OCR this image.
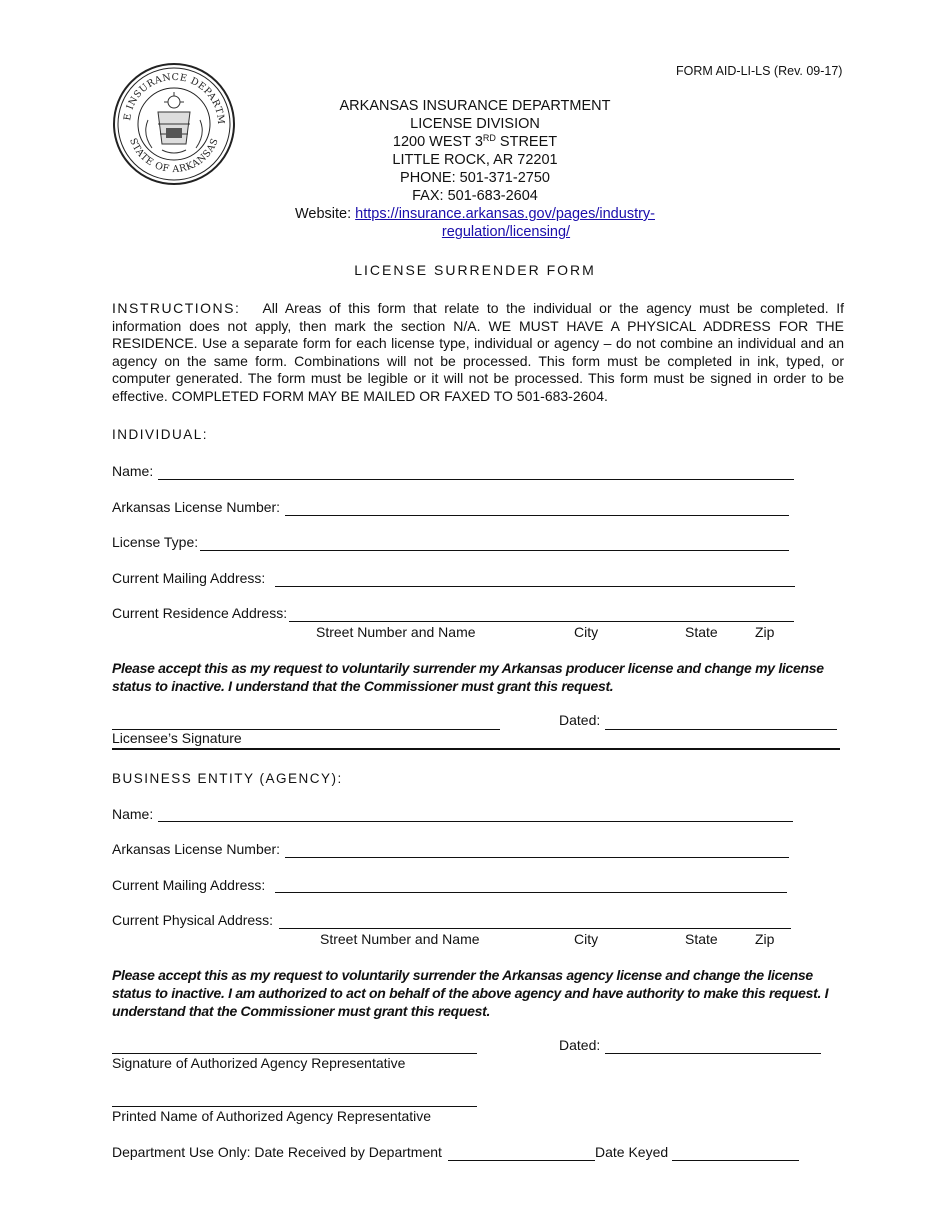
FORM AID-LI-LS (Rev. 09-17)
E INSURANCE DEPARTM
STATE OF ARKANSAS
ARKANSAS INSURANCE DEPARTMENT
LICENSE DIVISION
1200 WEST 3RD STREET
LITTLE ROCK, AR 72201
PHONE: 501-371-2750
FAX: 501-683-2604
Website: https://insurance.arkansas.gov/pages/industry-
regulation/licensing/
LICENSE SURRENDER FORM
INSTRUCTIONS: All Areas of this form that relate to the individual or the agency must be completed. If information does not apply, then mark the section N/A. WE MUST HAVE A PHYSICAL ADDRESS FOR THE RESIDENCE. Use a separate form for each license type, individual or agency – do not combine an individual and an agency on the same form. Combinations will not be processed. This form must be completed in ink, typed, or computer generated. The form must be legible or it will not be processed. This form must be signed in order to be effective. COMPLETED FORM MAY BE MAILED OR FAXED TO 501-683-2604.
INDIVIDUAL:
Name:
Arkansas License Number:
License Type:
Current Mailing Address:
Current Residence Address:
Street Number and Name	City	State	Zip
Please accept this as my request to voluntarily surrender my Arkansas producer license and change my license status to inactive. I understand that the Commissioner must grant this request.
Dated:
Licensee’s Signature
BUSINESS ENTITY (AGENCY):
Name:
Arkansas License Number:
Current Mailing Address:
Current Physical Address:
Street Number and Name	City	State	Zip
Please accept this as my request to voluntarily surrender the Arkansas agency license and change the license status to inactive. I am authorized to act on behalf of the above agency and have authority to make this request. I understand that the Commissioner must grant this request.
Dated:
Signature of Authorized Agency Representative
Printed Name of Authorized Agency Representative
Department Use Only: Date Received by Department	Date Keyed
